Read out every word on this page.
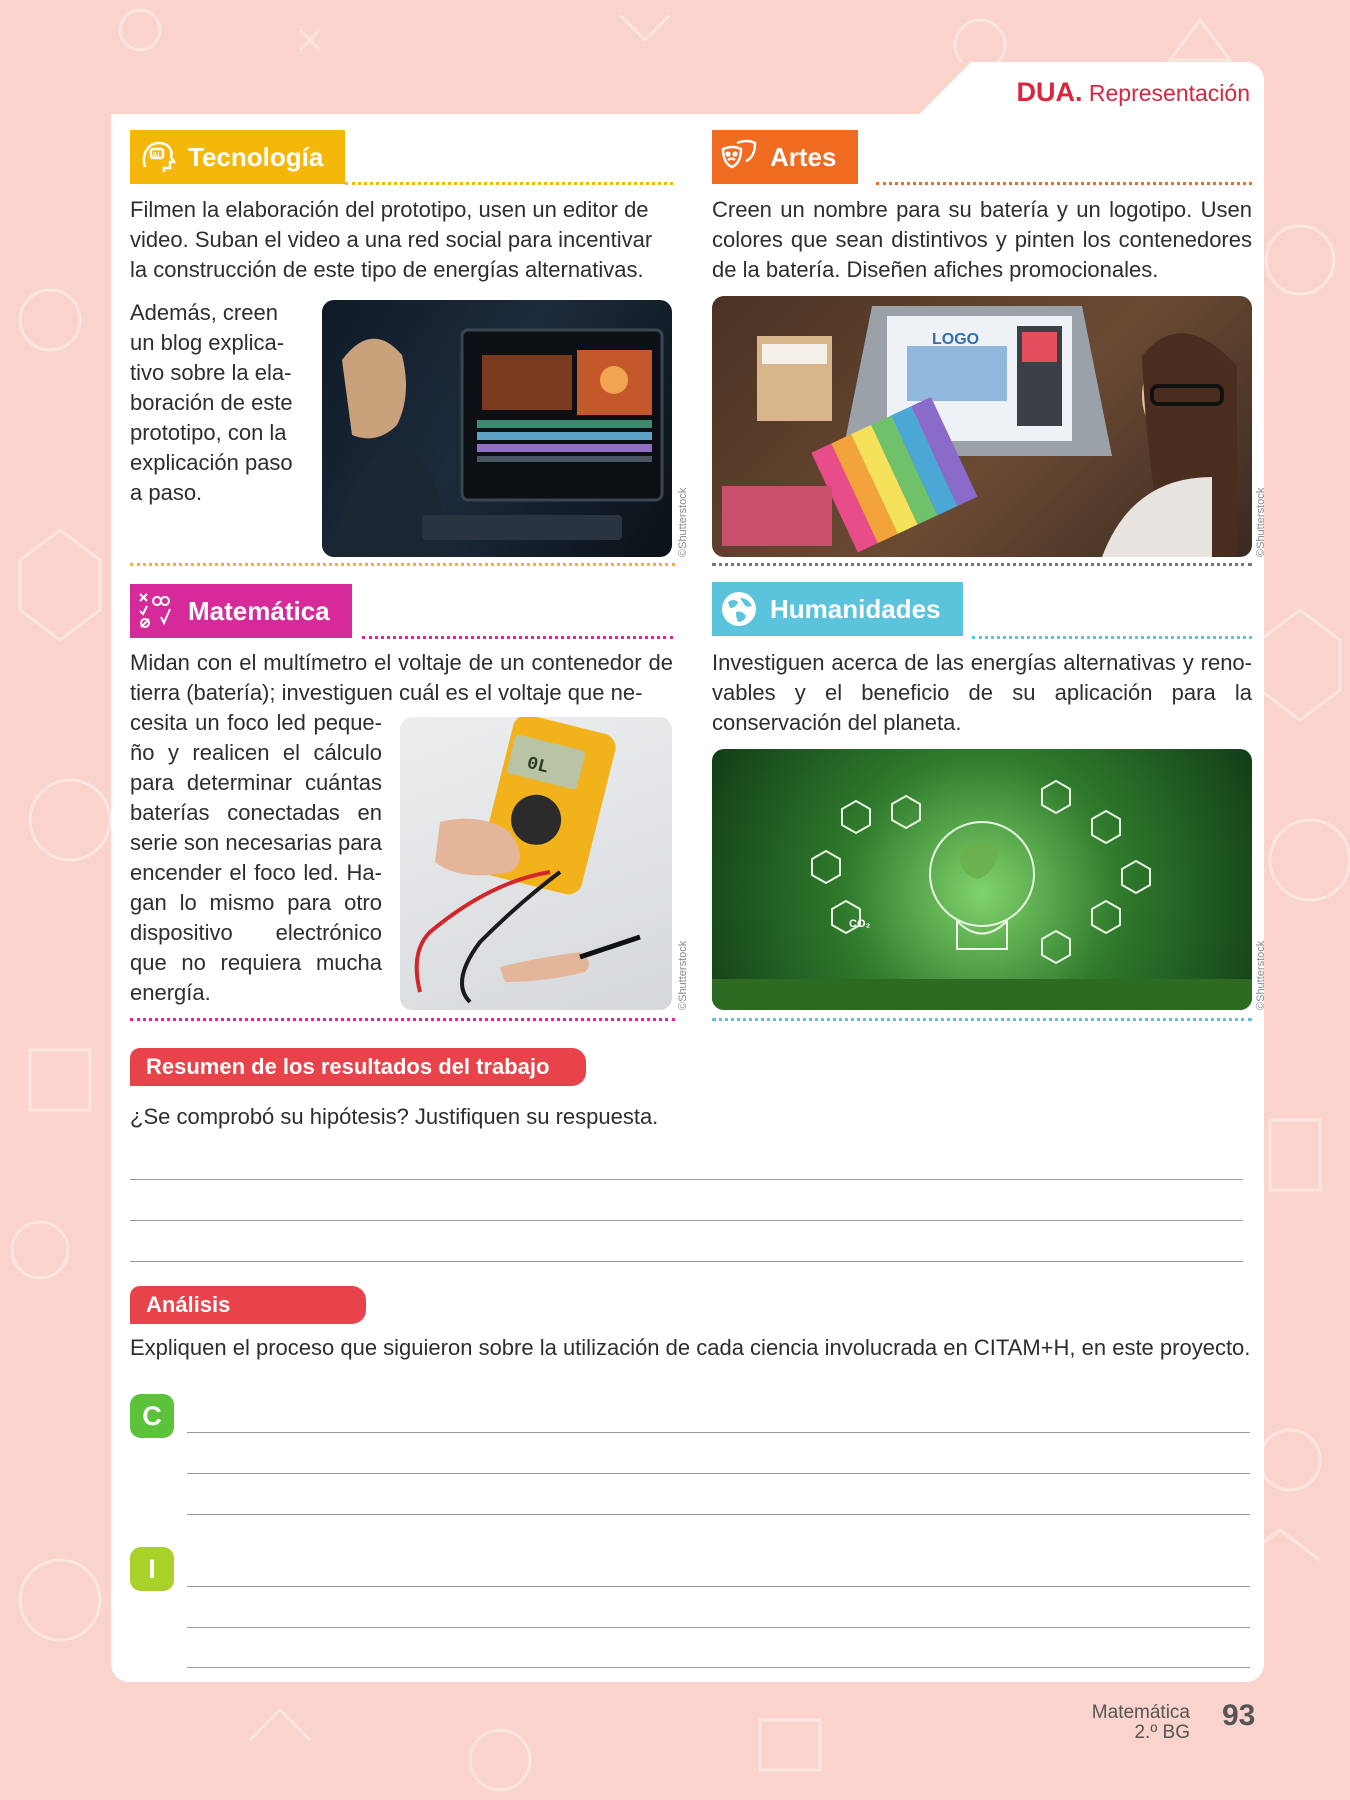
DUA. Representación
AI Tecnología

Filmen la elaboración del prototipo, usen un editor de video. Suban el video a una red social para incentivar la construcción de este tipo de energías alternativas.

Además, creen un blog explica-tivo sobre la ela-boración de este prototipo, con la explicación paso a paso.	©Shutterstock
Artes

Creen un nombre para su batería y un logotipo. Usen colores que sean distintivos y pinten los contenedores de la batería. Diseñen afiches promocionales.

LOGO
©Shutterstock
Matemática

Midan con el multímetro el voltaje de un contenedor de tierra (batería); investiguen cuál es el voltaje que ne-

cesita un foco led peque-ño y realicen el cálculo para determinar cuántas baterías conectadas en serie son necesarias para encender el foco led. Ha-gan lo mismo para otro dispositivo electrónico que no requiera mucha energía.

0L
©Shutterstock
Humanidades

Investiguen acerca de las energías alternativas y reno-vables y el beneficio de su aplicación para la conservación del planeta.

CO₂
©Shutterstock
Resumen de los resultados del trabajo

¿Se comprobó su hipótesis? Justifiquen su respuesta.

Análisis

Expliquen el proceso que siguieron sobre la utilización de cada ciencia involucrada en CITAM+H, en este proyecto.

C
I
Matemática
2.º BG
93
